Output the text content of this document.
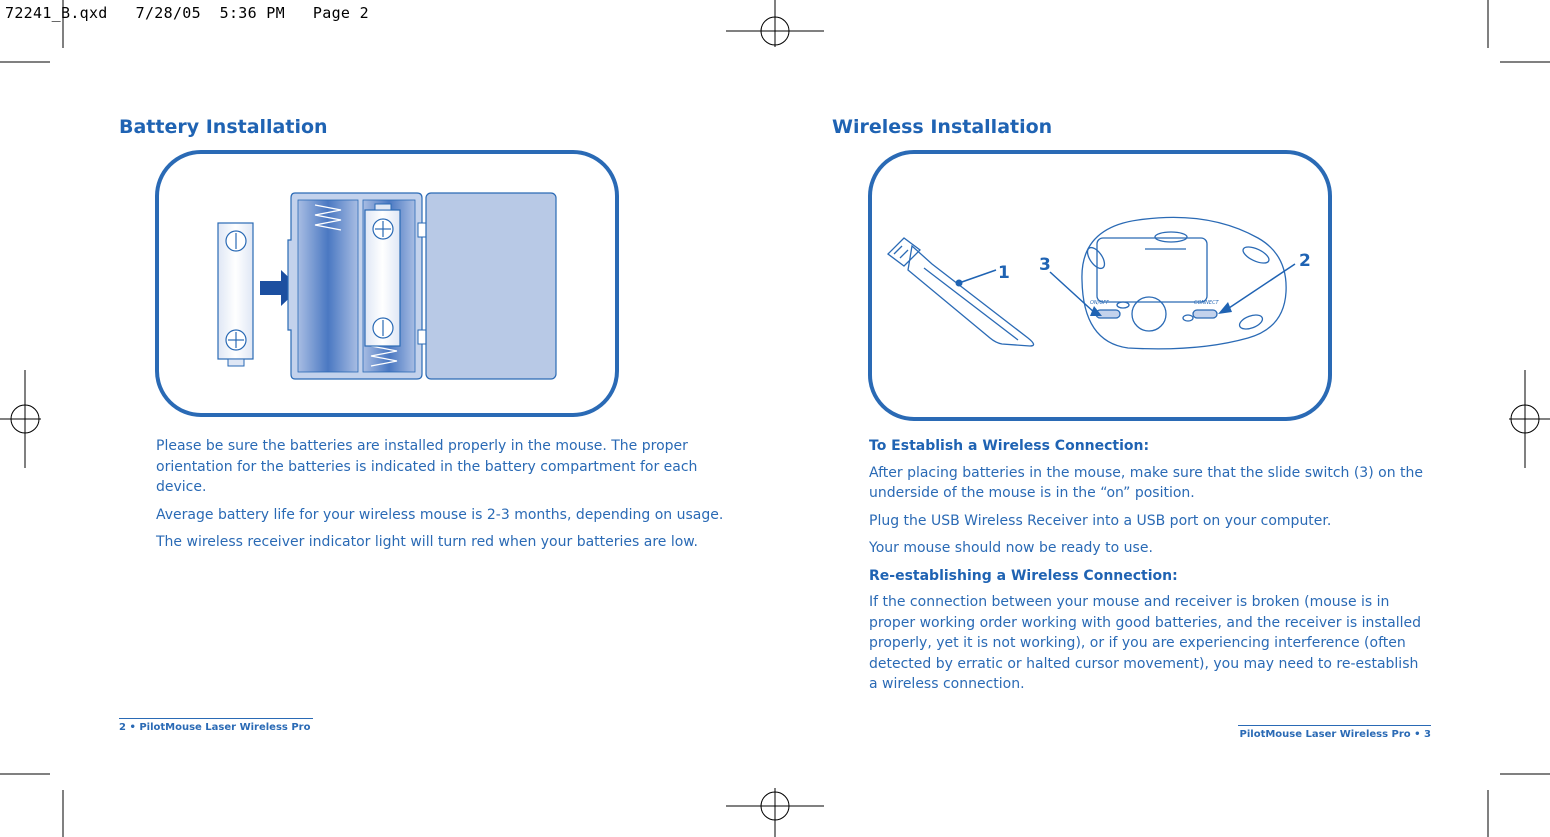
72241_B.qxd   7/28/05  5:36 PM   Page 2
Battery Installation

Please be sure the batteries are installed properly in the mouse. The proper orientation for the batteries is indicated in the battery compartment for each device.

Average battery life for your wireless mouse is 2-3 months, depending on usage.

The wireless receiver indicator light will turn red when your batteries are low.

2 • PilotMouse Laser Wireless Pro
Wireless Installation
1
ON/OFF	CONNECT
3	2

To Establish a Wireless Connection:

After placing batteries in the mouse, make sure that the slide switch (3) on the underside of the mouse is in the “on” position.

Plug the USB Wireless Receiver into a USB port on your computer.

Your mouse should now be ready to use.

Re-establishing a Wireless Connection:

If the connection between your mouse and receiver is broken (mouse is in proper working order working with good batteries, and the receiver is installed properly, yet it is not working), or if you are experiencing interference (often detected by erratic or halted cursor movement), you may need to re-establish a wireless connection.

PilotMouse Laser Wireless Pro • 3
